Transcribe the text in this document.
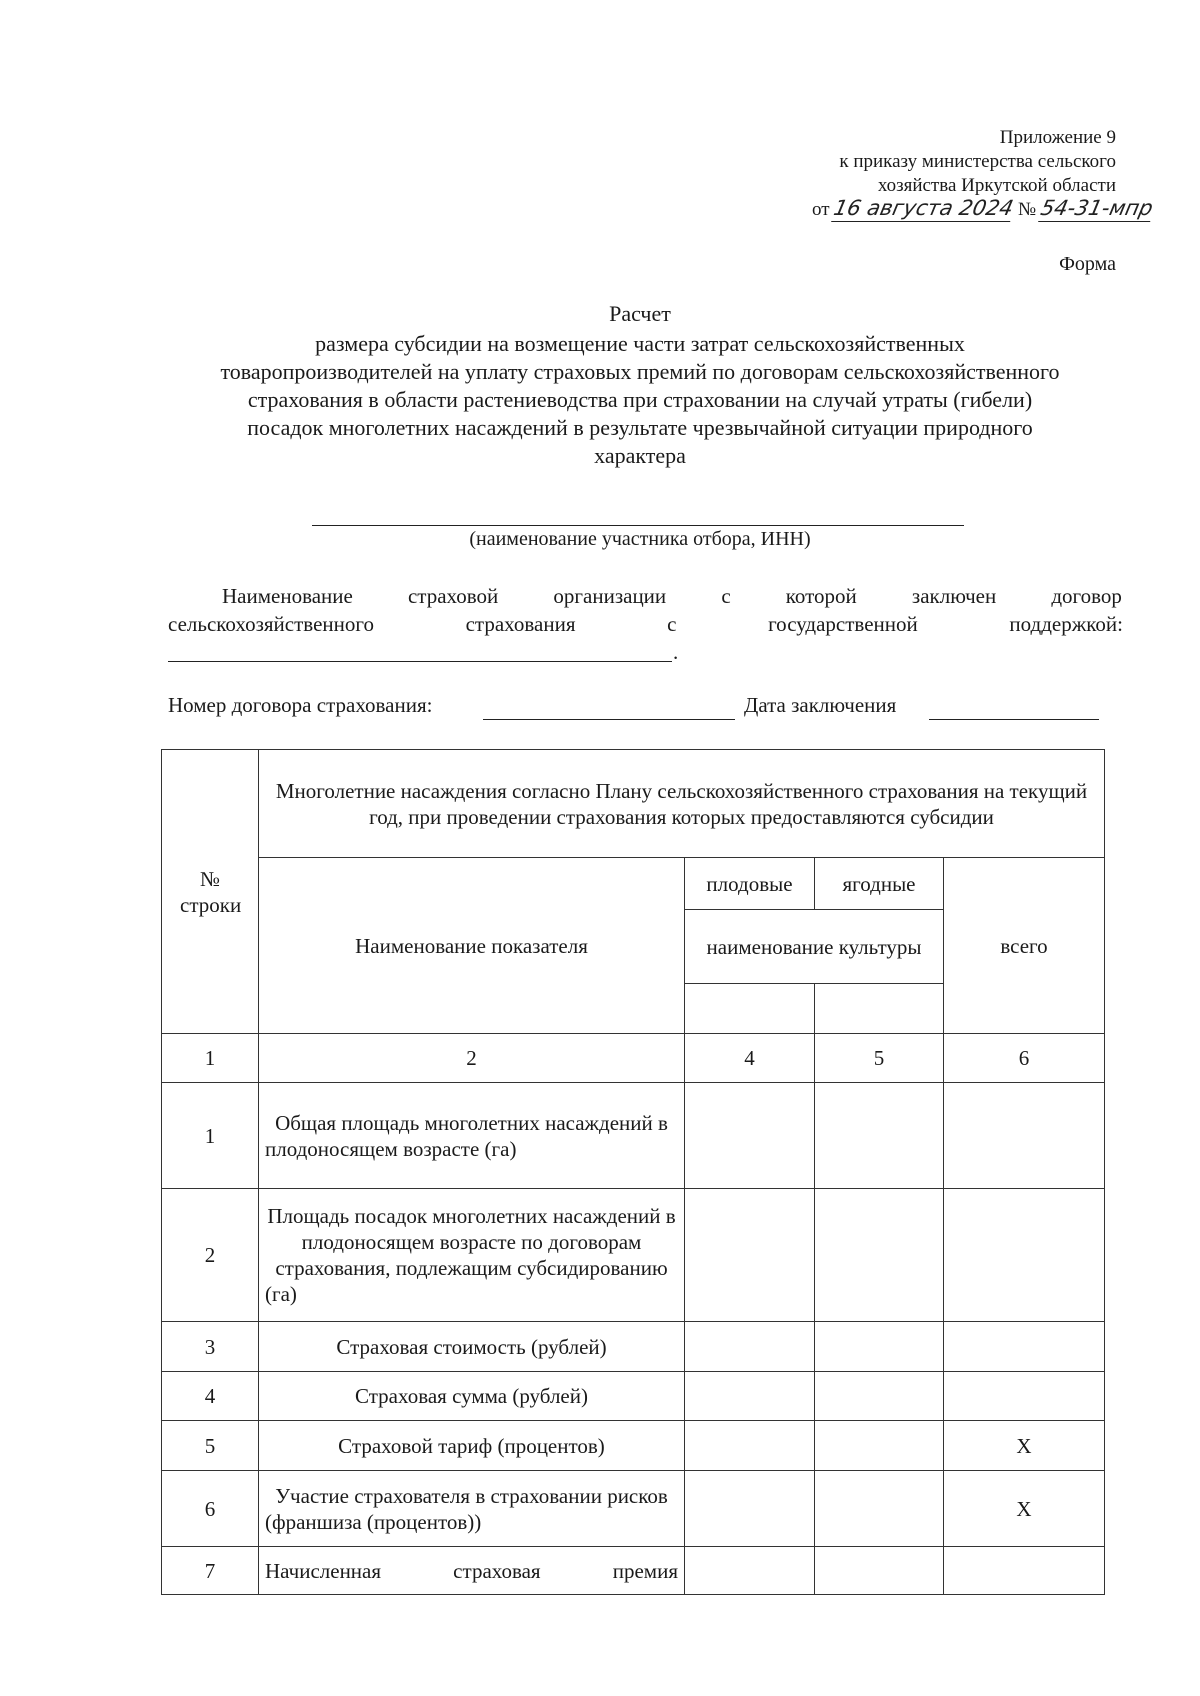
Приложение 9
к приказу министерства сельского
хозяйства Иркутской области
от 16 августа 2024 № 54-31-мпр
Форма
Расчет
размера субсидии на возмещение части затрат сельскохозяйственных
товаропроизводителей на уплату страховых премий по договорам сельскохозяйственного
страхования в области растениеводства при страховании на случай утраты (гибели)
посадок многолетних насаждений в результате чрезвычайной ситуации природного
характера
(наименование участника отбора, ИНН)
Наименование	страховой	организации	с	которой	заключен	договор
сельскохозяйственного	страхования	с	государственной	поддержкой:
.
Номер договора страхования:	Дата заключения
№ строки	Многолетние насаждения согласно Плану сельскохозяйственного страхования на текущий год, при проведении страхования которых предоставляются субсидии			
	Наименование показателя	плодовые	ягодные	всего
		наименование культуры		

1	2	4	5	6
1	Общая площадь многолетних насаждений в плодоносящем возрасте (га)			
2	Площадь посадок многолетних насаждений в плодоносящем возрасте по договорам страхования, подлежащим субсидированию (га)			
3	Страховая стоимость (рублей)			
4	Страховая сумма (рублей)			
5	Страховой тариф (процентов)			X
6	Участие страхователя в страховании рисков (франшиза (процентов))			X
7	Начисленная страховая премия			
